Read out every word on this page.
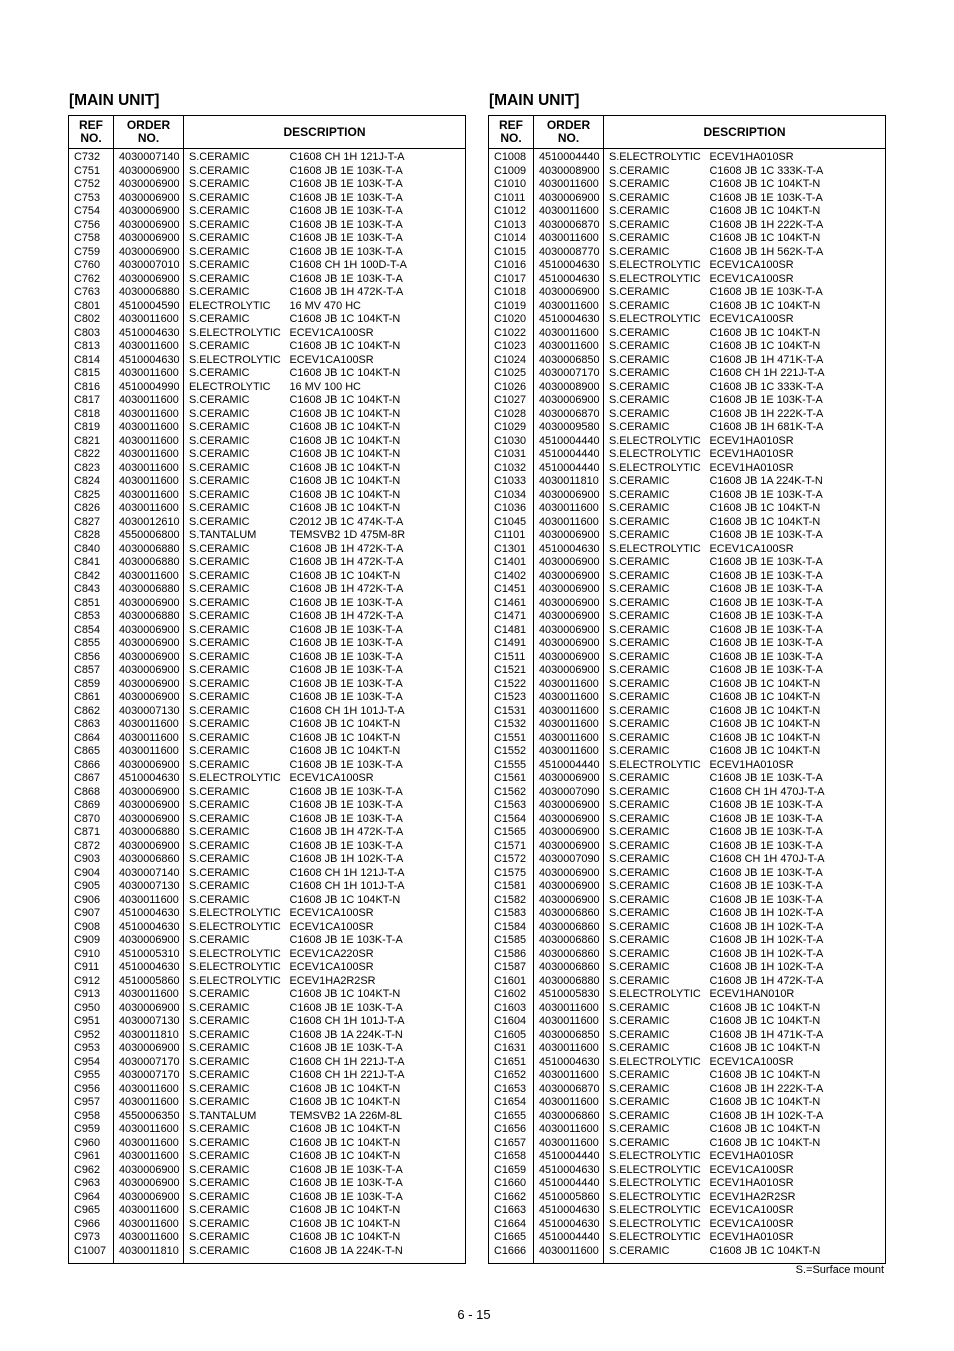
[MAIN UNIT]
REF
NO.	ORDER
NO.	DESCRIPTION	
C732	4030007140	S.CERAMIC	C1608 CH 1H 121J-T-A
C751	4030006900	S.CERAMIC	C1608 JB 1E 103K-T-A
C752	4030006900	S.CERAMIC	C1608 JB 1E 103K-T-A
C753	4030006900	S.CERAMIC	C1608 JB 1E 103K-T-A
C754	4030006900	S.CERAMIC	C1608 JB 1E 103K-T-A
C756	4030006900	S.CERAMIC	C1608 JB 1E 103K-T-A
C758	4030006900	S.CERAMIC	C1608 JB 1E 103K-T-A
C759	4030006900	S.CERAMIC	C1608 JB 1E 103K-T-A
C760	4030007010	S.CERAMIC	C1608 CH 1H 100D-T-A
C762	4030006900	S.CERAMIC	C1608 JB 1E 103K-T-A
C763	4030006880	S.CERAMIC	C1608 JB 1H 472K-T-A
C801	4510004590	ELECTROLYTIC	16 MV 470 HC
C802	4030011600	S.CERAMIC	C1608 JB 1C 104KT-N
C803	4510004630	S.ELECTROLYTIC	ECEV1CA100SR
C813	4030011600	S.CERAMIC	C1608 JB 1C 104KT-N
C814	4510004630	S.ELECTROLYTIC	ECEV1CA100SR
C815	4030011600	S.CERAMIC	C1608 JB 1C 104KT-N
C816	4510004990	ELECTROLYTIC	16 MV 100 HC
C817	4030011600	S.CERAMIC	C1608 JB 1C 104KT-N
C818	4030011600	S.CERAMIC	C1608 JB 1C 104KT-N
C819	4030011600	S.CERAMIC	C1608 JB 1C 104KT-N
C821	4030011600	S.CERAMIC	C1608 JB 1C 104KT-N
C822	4030011600	S.CERAMIC	C1608 JB 1C 104KT-N
C823	4030011600	S.CERAMIC	C1608 JB 1C 104KT-N
C824	4030011600	S.CERAMIC	C1608 JB 1C 104KT-N
C825	4030011600	S.CERAMIC	C1608 JB 1C 104KT-N
C826	4030011600	S.CERAMIC	C1608 JB 1C 104KT-N
C827	4030012610	S.CERAMIC	C2012 JB 1C 474K-T-A
C828	4550006800	S.TANTALUM	TEMSVB2 1D 475M-8R
C840	4030006880	S.CERAMIC	C1608 JB 1H 472K-T-A
C841	4030006880	S.CERAMIC	C1608 JB 1H 472K-T-A
C842	4030011600	S.CERAMIC	C1608 JB 1C 104KT-N
C843	4030006880	S.CERAMIC	C1608 JB 1H 472K-T-A
C851	4030006900	S.CERAMIC	C1608 JB 1E 103K-T-A
C853	4030006880	S.CERAMIC	C1608 JB 1H 472K-T-A
C854	4030006900	S.CERAMIC	C1608 JB 1E 103K-T-A
C855	4030006900	S.CERAMIC	C1608 JB 1E 103K-T-A
C856	4030006900	S.CERAMIC	C1608 JB 1E 103K-T-A
C857	4030006900	S.CERAMIC	C1608 JB 1E 103K-T-A
C859	4030006900	S.CERAMIC	C1608 JB 1E 103K-T-A
C861	4030006900	S.CERAMIC	C1608 JB 1E 103K-T-A
C862	4030007130	S.CERAMIC	C1608 CH 1H 101J-T-A
C863	4030011600	S.CERAMIC	C1608 JB 1C 104KT-N
C864	4030011600	S.CERAMIC	C1608 JB 1C 104KT-N
C865	4030011600	S.CERAMIC	C1608 JB 1C 104KT-N
C866	4030006900	S.CERAMIC	C1608 JB 1E 103K-T-A
C867	4510004630	S.ELECTROLYTIC	ECEV1CA100SR
C868	4030006900	S.CERAMIC	C1608 JB 1E 103K-T-A
C869	4030006900	S.CERAMIC	C1608 JB 1E 103K-T-A
C870	4030006900	S.CERAMIC	C1608 JB 1E 103K-T-A
C871	4030006880	S.CERAMIC	C1608 JB 1H 472K-T-A
C872	4030006900	S.CERAMIC	C1608 JB 1E 103K-T-A
C903	4030006860	S.CERAMIC	C1608 JB 1H 102K-T-A
C904	4030007140	S.CERAMIC	C1608 CH 1H 121J-T-A
C905	4030007130	S.CERAMIC	C1608 CH 1H 101J-T-A
C906	4030011600	S.CERAMIC	C1608 JB 1C 104KT-N
C907	4510004630	S.ELECTROLYTIC	ECEV1CA100SR
C908	4510004630	S.ELECTROLYTIC	ECEV1CA100SR
C909	4030006900	S.CERAMIC	C1608 JB 1E 103K-T-A
C910	4510005310	S.ELECTROLYTIC	ECEV1CA220SR
C911	4510004630	S.ELECTROLYTIC	ECEV1CA100SR
C912	4510005860	S.ELECTROLYTIC	ECEV1HA2R2SR
C913	4030011600	S.CERAMIC	C1608 JB 1C 104KT-N
C950	4030006900	S.CERAMIC	C1608 JB 1E 103K-T-A
C951	4030007130	S.CERAMIC	C1608 CH 1H 101J-T-A
C952	4030011810	S.CERAMIC	C1608 JB 1A 224K-T-N
C953	4030006900	S.CERAMIC	C1608 JB 1E 103K-T-A
C954	4030007170	S.CERAMIC	C1608 CH 1H 221J-T-A
C955	4030007170	S.CERAMIC	C1608 CH 1H 221J-T-A
C956	4030011600	S.CERAMIC	C1608 JB 1C 104KT-N
C957	4030011600	S.CERAMIC	C1608 JB 1C 104KT-N
C958	4550006350	S.TANTALUM	TEMSVB2 1A 226M-8L
C959	4030011600	S.CERAMIC	C1608 JB 1C 104KT-N
C960	4030011600	S.CERAMIC	C1608 JB 1C 104KT-N
C961	4030011600	S.CERAMIC	C1608 JB 1C 104KT-N
C962	4030006900	S.CERAMIC	C1608 JB 1E 103K-T-A
C963	4030006900	S.CERAMIC	C1608 JB 1E 103K-T-A
C964	4030006900	S.CERAMIC	C1608 JB 1E 103K-T-A
C965	4030011600	S.CERAMIC	C1608 JB 1C 104KT-N
C966	4030011600	S.CERAMIC	C1608 JB 1C 104KT-N
C973	4030011600	S.CERAMIC	C1608 JB 1C 104KT-N
C1007	4030011810	S.CERAMIC	C1608 JB 1A 224K-T-N
[MAIN UNIT]
REF
NO.	ORDER
NO.	DESCRIPTION	
C1008	4510004440	S.ELECTROLYTIC	ECEV1HA010SR
C1009	4030008900	S.CERAMIC	C1608 JB 1C 333K-T-A
C1010	4030011600	S.CERAMIC	C1608 JB 1C 104KT-N
C1011	4030006900	S.CERAMIC	C1608 JB 1E 103K-T-A
C1012	4030011600	S.CERAMIC	C1608 JB 1C 104KT-N
C1013	4030006870	S.CERAMIC	C1608 JB 1H 222K-T-A
C1014	4030011600	S.CERAMIC	C1608 JB 1C 104KT-N
C1015	4030008770	S.CERAMIC	C1608 JB 1H 562K-T-A
C1016	4510004630	S.ELECTROLYTIC	ECEV1CA100SR
C1017	4510004630	S.ELECTROLYTIC	ECEV1CA100SR
C1018	4030006900	S.CERAMIC	C1608 JB 1E 103K-T-A
C1019	4030011600	S.CERAMIC	C1608 JB 1C 104KT-N
C1020	4510004630	S.ELECTROLYTIC	ECEV1CA100SR
C1022	4030011600	S.CERAMIC	C1608 JB 1C 104KT-N
C1023	4030011600	S.CERAMIC	C1608 JB 1C 104KT-N
C1024	4030006850	S.CERAMIC	C1608 JB 1H 471K-T-A
C1025	4030007170	S.CERAMIC	C1608 CH 1H 221J-T-A
C1026	4030008900	S.CERAMIC	C1608 JB 1C 333K-T-A
C1027	4030006900	S.CERAMIC	C1608 JB 1E 103K-T-A
C1028	4030006870	S.CERAMIC	C1608 JB 1H 222K-T-A
C1029	4030009580	S.CERAMIC	C1608 JB 1H 681K-T-A
C1030	4510004440	S.ELECTROLYTIC	ECEV1HA010SR
C1031	4510004440	S.ELECTROLYTIC	ECEV1HA010SR
C1032	4510004440	S.ELECTROLYTIC	ECEV1HA010SR
C1033	4030011810	S.CERAMIC	C1608 JB 1A 224K-T-N
C1034	4030006900	S.CERAMIC	C1608 JB 1E 103K-T-A
C1036	4030011600	S.CERAMIC	C1608 JB 1C 104KT-N
C1045	4030011600	S.CERAMIC	C1608 JB 1C 104KT-N
C1101	4030006900	S.CERAMIC	C1608 JB 1E 103K-T-A
C1301	4510004630	S.ELECTROLYTIC	ECEV1CA100SR
C1401	4030006900	S.CERAMIC	C1608 JB 1E 103K-T-A
C1402	4030006900	S.CERAMIC	C1608 JB 1E 103K-T-A
C1451	4030006900	S.CERAMIC	C1608 JB 1E 103K-T-A
C1461	4030006900	S.CERAMIC	C1608 JB 1E 103K-T-A
C1471	4030006900	S.CERAMIC	C1608 JB 1E 103K-T-A
C1481	4030006900	S.CERAMIC	C1608 JB 1E 103K-T-A
C1491	4030006900	S.CERAMIC	C1608 JB 1E 103K-T-A
C1511	4030006900	S.CERAMIC	C1608 JB 1E 103K-T-A
C1521	4030006900	S.CERAMIC	C1608 JB 1E 103K-T-A
C1522	4030011600	S.CERAMIC	C1608 JB 1C 104KT-N
C1523	4030011600	S.CERAMIC	C1608 JB 1C 104KT-N
C1531	4030011600	S.CERAMIC	C1608 JB 1C 104KT-N
C1532	4030011600	S.CERAMIC	C1608 JB 1C 104KT-N
C1551	4030011600	S.CERAMIC	C1608 JB 1C 104KT-N
C1552	4030011600	S.CERAMIC	C1608 JB 1C 104KT-N
C1555	4510004440	S.ELECTROLYTIC	ECEV1HA010SR
C1561	4030006900	S.CERAMIC	C1608 JB 1E 103K-T-A
C1562	4030007090	S.CERAMIC	C1608 CH 1H 470J-T-A
C1563	4030006900	S.CERAMIC	C1608 JB 1E 103K-T-A
C1564	4030006900	S.CERAMIC	C1608 JB 1E 103K-T-A
C1565	4030006900	S.CERAMIC	C1608 JB 1E 103K-T-A
C1571	4030006900	S.CERAMIC	C1608 JB 1E 103K-T-A
C1572	4030007090	S.CERAMIC	C1608 CH 1H 470J-T-A
C1575	4030006900	S.CERAMIC	C1608 JB 1E 103K-T-A
C1581	4030006900	S.CERAMIC	C1608 JB 1E 103K-T-A
C1582	4030006900	S.CERAMIC	C1608 JB 1E 103K-T-A
C1583	4030006860	S.CERAMIC	C1608 JB 1H 102K-T-A
C1584	4030006860	S.CERAMIC	C1608 JB 1H 102K-T-A
C1585	4030006860	S.CERAMIC	C1608 JB 1H 102K-T-A
C1586	4030006860	S.CERAMIC	C1608 JB 1H 102K-T-A
C1587	4030006860	S.CERAMIC	C1608 JB 1H 102K-T-A
C1601	4030006880	S.CERAMIC	C1608 JB 1H 472K-T-A
C1602	4510005830	S.ELECTROLYTIC	ECEV1HAN010R
C1603	4030011600	S.CERAMIC	C1608 JB 1C 104KT-N
C1604	4030011600	S.CERAMIC	C1608 JB 1C 104KT-N
C1605	4030006850	S.CERAMIC	C1608 JB 1H 471K-T-A
C1631	4030011600	S.CERAMIC	C1608 JB 1C 104KT-N
C1651	4510004630	S.ELECTROLYTIC	ECEV1CA100SR
C1652	4030011600	S.CERAMIC	C1608 JB 1C 104KT-N
C1653	4030006870	S.CERAMIC	C1608 JB 1H 222K-T-A
C1654	4030011600	S.CERAMIC	C1608 JB 1C 104KT-N
C1655	4030006860	S.CERAMIC	C1608 JB 1H 102K-T-A
C1656	4030011600	S.CERAMIC	C1608 JB 1C 104KT-N
C1657	4030011600	S.CERAMIC	C1608 JB 1C 104KT-N
C1658	4510004440	S.ELECTROLYTIC	ECEV1HA010SR
C1659	4510004630	S.ELECTROLYTIC	ECEV1CA100SR
C1660	4510004440	S.ELECTROLYTIC	ECEV1HA010SR
C1662	4510005860	S.ELECTROLYTIC	ECEV1HA2R2SR
C1663	4510004630	S.ELECTROLYTIC	ECEV1CA100SR
C1664	4510004630	S.ELECTROLYTIC	ECEV1CA100SR
C1665	4510004440	S.ELECTROLYTIC	ECEV1HA010SR
C1666	4030011600	S.CERAMIC	C1608 JB 1C 104KT-N
S.=Surface mount
6 - 15
